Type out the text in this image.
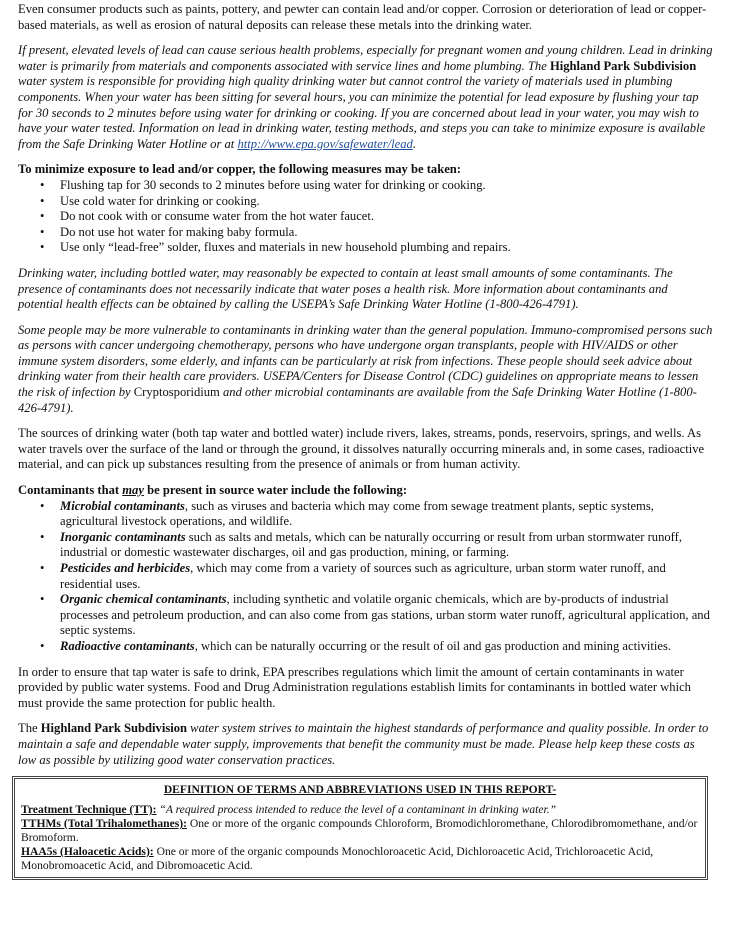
Even consumer products such as paints, pottery, and pewter can contain lead and/or copper. Corrosion or deterioration of lead or copper-based materials, as well as erosion of natural deposits can release these metals into the drinking water.

If present, elevated levels of lead can cause serious health problems, especially for pregnant women and young children. Lead in drinking water is primarily from materials and components associated with service lines and home plumbing. The Highland Park Subdivision water system is responsible for providing high quality drinking water but cannot control the variety of materials used in plumbing components. When your water has been sitting for several hours, you can minimize the potential for lead exposure by flushing your tap for 30 seconds to 2 minutes before using water for drinking or cooking. If you are concerned about lead in your water, you may wish to have your water tested. Information on lead in drinking water, testing methods, and steps you can take to minimize exposure is available from the Safe Drinking Water Hotline or at http://www.epa.gov/safewater/lead.

To minimize exposure to lead and/or copper, the following measures may be taken:
• Flushing tap for 30 seconds to 2 minutes before using water for drinking or cooking.
• Use cold water for drinking or cooking.
• Do not cook with or consume water from the hot water faucet.
• Do not use hot water for making baby formula.
• Use only “lead-free” solder, fluxes and materials in new household plumbing and repairs.

Drinking water, including bottled water, may reasonably be expected to contain at least small amounts of some contaminants. The presence of contaminants does not necessarily indicate that water poses a health risk. More information about contaminants and potential health effects can be obtained by calling the USEPA’s Safe Drinking Water Hotline (1-800-426-4791).

Some people may be more vulnerable to contaminants in drinking water than the general population. Immuno-compromised persons such as persons with cancer undergoing chemotherapy, persons who have undergone organ transplants, people with HIV/AIDS or other immune system disorders, some elderly, and infants can be particularly at risk from infections. These people should seek advice about drinking water from their health care providers. USEPA/Centers for Disease Control (CDC) guidelines on appropriate means to lessen the risk of infection by Cryptosporidium and other microbial contaminants are available from the Safe Drinking Water Hotline (1-800-426-4791).

The sources of drinking water (both tap water and bottled water) include rivers, lakes, streams, ponds, reservoirs, springs, and wells. As water travels over the surface of the land or through the ground, it dissolves naturally occurring minerals and, in some cases, radioactive material, and can pick up substances resulting from the presence of animals or from human activity.

Contaminants that may be present in source water include the following:
• Microbial contaminants, such as viruses and bacteria which may come from sewage treatment plants, septic systems, agricultural livestock operations, and wildlife.
• Inorganic contaminants such as salts and metals, which can be naturally occurring or result from urban stormwater runoff, industrial or domestic wastewater discharges, oil and gas production, mining, or farming.
• Pesticides and herbicides, which may come from a variety of sources such as agriculture, urban storm water runoff, and residential uses.
• Organic chemical contaminants, including synthetic and volatile organic chemicals, which are by-products of industrial processes and petroleum production, and can also come from gas stations, urban storm water runoff, agricultural application, and septic systems.
• Radioactive contaminants, which can be naturally occurring or the result of oil and gas production and mining activities.

In order to ensure that tap water is safe to drink, EPA prescribes regulations which limit the amount of certain contaminants in water provided by public water systems. Food and Drug Administration regulations establish limits for contaminants in bottled water which must provide the same protection for public health.

The Highland Park Subdivision water system strives to maintain the highest standards of performance and quality possible. In order to maintain a safe and dependable water supply, improvements that benefit the community must be made. Please help keep these costs as low as possible by utilizing good water conservation practices.

DEFINITION OF TERMS AND ABBREVIATIONS USED IN THIS REPORT-

Treatment Technique (TT): “A required process intended to reduce the level of a contaminant in drinking water.”

TTHMs (Total Trihalomethanes): One or more of the organic compounds Chloroform, Bromodichloromethane, Chlorodibromomethane, and/or Bromoform.

HAA5s (Haloacetic Acids): One or more of the organic compounds Monochloroacetic Acid, Dichloroacetic Acid, Trichloroacetic Acid, Monobromoacetic Acid, and Dibromoacetic Acid.
